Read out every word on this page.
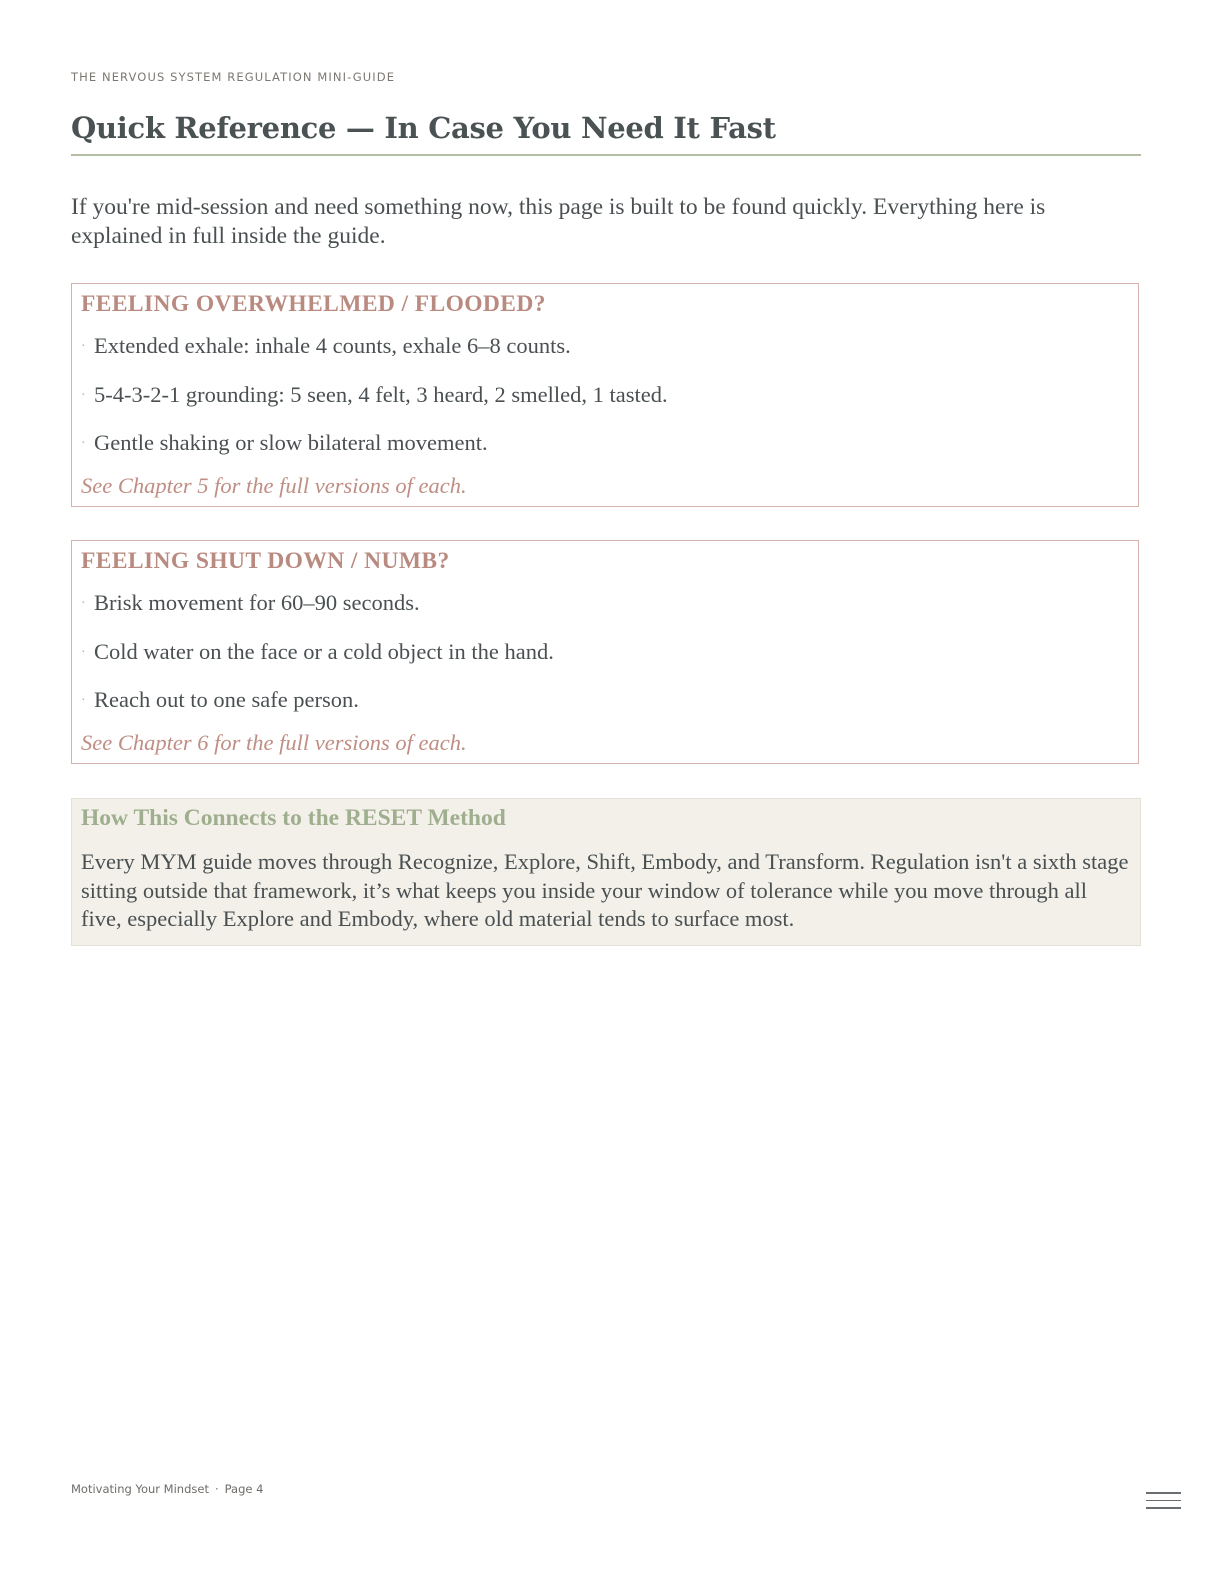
THE NERVOUS SYSTEM REGULATION MINI-GUIDE
Quick Reference — In Case You Need It Fast

If you're mid-session and need something now, this page is built to be found quickly. Everything here is explained in full inside the guide.

FEELING OVERWHELMED / FLOODED?
· Extended exhale: inhale 4 counts, exhale 6–8 counts.
· 5-4-3-2-1 grounding: 5 seen, 4 felt, 3 heard, 2 smelled, 1 tasted.
· Gentle shaking or slow bilateral movement.

See Chapter 5 for the full versions of each.

FEELING SHUT DOWN / NUMB?
· Brisk movement for 60–90 seconds.
· Cold water on the face or a cold object in the hand.
· Reach out to one safe person.

See Chapter 6 for the full versions of each.

How This Connects to the RESET Method

Every MYM guide moves through Recognize, Explore, Shift, Embody, and Transform. Regulation isn't a sixth stage sitting outside that framework, it’s what keeps you inside your window of tolerance while you move through all five, especially Explore and Embody, where old material tends to surface most.

Motivating Your Mindset · Page 4
